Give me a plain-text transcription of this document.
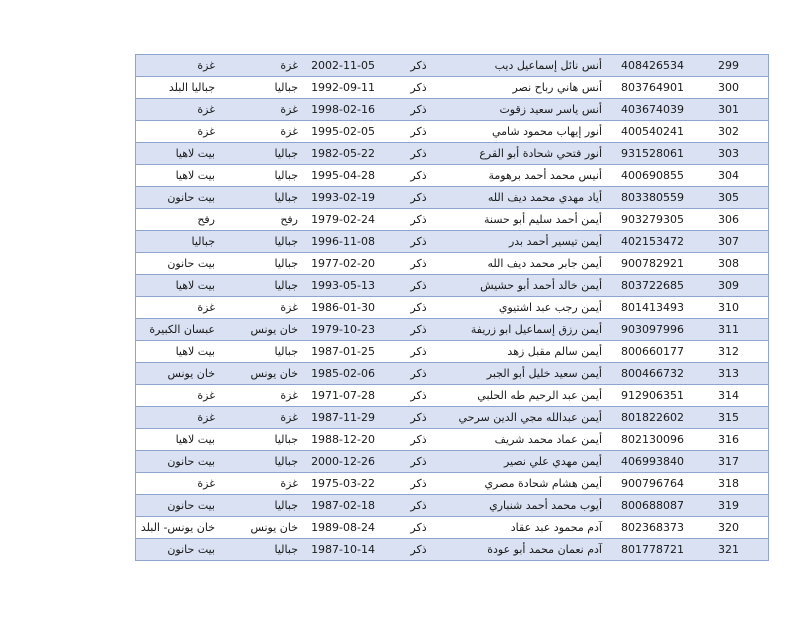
غزة	غزة	2002-11-05	ذكر	أنس نائل إسماعيل ديب	408426534	299
جباليا البلد	جباليا	1992-09-11	ذكر	أنس هاني رباح نصر	803764901	300
غزة	غزة	1998-02-16	ذكر	أنس ياسر سعيد زقوت	403674039	301
غزة	غزة	1995-02-05	ذكر	أنور إيهاب محمود شامي	400540241	302
بيت لاهيا	جباليا	1982-05-22	ذكر	أنور فتحي شحادة أبو القرع	931528061	303
بيت لاهيا	جباليا	1995-04-28	ذكر	أنيس محمد أحمد برهومة	400690855	304
بيت حانون	جباليا	1993-02-19	ذكر	أياد مهدي محمد ديف الله	803380559	305
رفح	رفح	1979-02-24	ذكر	أيمن أحمد سليم أبو حسنة	903279305	306
جباليا	جباليا	1996-11-08	ذكر	أيمن تيسير أحمد بدر	402153472	307
بيت حانون	جباليا	1977-02-20	ذكر	أيمن جابر محمد ديف الله	900782921	308
بيت لاهيا	جباليا	1993-05-13	ذكر	أيمن خالد أحمد أبو حشيش	803722685	309
غزة	غزة	1986-01-30	ذكر	أيمن رجب عبد اشتيوي	801413493	310
عبسان الكبيرة	خان يونس	1979-10-23	ذكر	أيمن رزق إسماعيل ابو زريفة	903097996	311
بيت لاهيا	جباليا	1987-01-25	ذكر	أيمن سالم مقبل زهد	800660177	312
خان يونس	خان يونس	1985-02-06	ذكر	أيمن سعيد خليل أبو الجبر	800466732	313
غزة	غزة	1971-07-28	ذكر	أيمن عبد الرحيم طه الحلبي	912906351	314
غزة	غزة	1987-11-29	ذكر	أيمن عبدالله مجي الدين سرحي	801822602	315
بيت لاهيا	جباليا	1988-12-20	ذكر	أيمن عماد محمد شريف	802130096	316
بيت حانون	جباليا	2000-12-26	ذكر	أيمن مهدي علي نصير	406993840	317
غزة	غزة	1975-03-22	ذكر	أيمن هشام شحادة مصري	900796764	318
بيت حانون	جباليا	1987-02-18	ذكر	أيوب محمد أحمد شنباري	800688087	319
خان يونس- البلد	خان يونس	1989-08-24	ذكر	آدم محمود عبد عقاد	802368373	320
بيت حانون	جباليا	1987-10-14	ذكر	آدم نعمان محمد أبو عودة	801778721	321
